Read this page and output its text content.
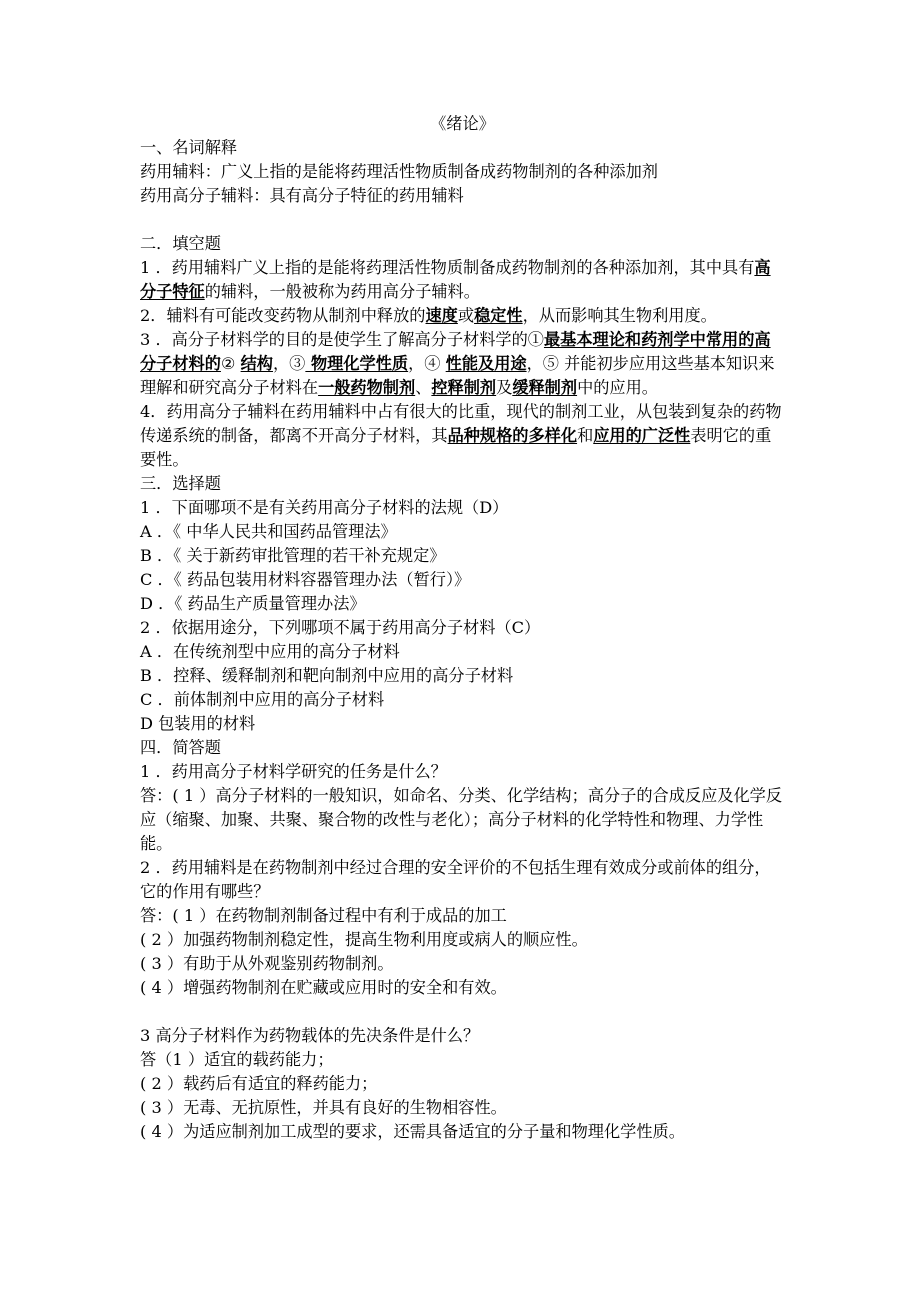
《绪论》

一、名词解释

药用辅料：广义上指的是能将药理活性物质制备成药物制剂的各种添加剂

药用高分子辅料：具有高分子特征的药用辅料

二．填空题

1 ．药用辅料广义上指的是能将药理活性物质制备成药物制剂的各种添加剂，其中具有高分子特征的辅料，一般被称为药用高分子辅料。

2．辅料有可能改变药物从制剂中释放的速度或稳定性，从而影响其生物利用度。

3 ．高分子材料学的目的是使学生了解高分子材料学的①最基本理论和药剂学中常用的高分子材料的② 结构，③ 物理化学性质，④ 性能及用途，⑤ 并能初步应用这些基本知识来理解和研究高分子材料在一般药物制剂、控释制剂及缓释制剂中的应用。

4．药用高分子辅料在药用辅料中占有很大的比重，现代的制剂工业，从包装到复杂的药物传递系统的制备，都离不开高分子材料，其品种规格的多样化和应用的广泛性表明它的重要性。

三．选择题

1 ．下面哪项不是有关药用高分子材料的法规（D）

A ．《 中华人民共和国药品管理法》

B ．《 关于新药审批管理的若干补充规定》

C ．《 药品包装用材料容器管理办法（暂行）》

D ．《 药品生产质量管理办法》

2 ．依据用途分，下列哪项不属于药用高分子材料（C）

A ．在传统剂型中应用的高分子材料

B ．控释、缓释制剂和靶向制剂中应用的高分子材料

C ．前体制剂中应用的高分子材料

D 包装用的材料

四．简答题

1 ．药用高分子材料学研究的任务是什么？

答：( 1 ）高分子材料的一般知识，如命名、分类、化学结构；高分子的合成反应及化学反应（缩聚、加聚、共聚、聚合物的改性与老化）；高分子材料的化学特性和物理、力学性能。

2 ．药用辅料是在药物制剂中经过合理的安全评价的不包括生理有效成分或前体的组分，它的作用有哪些？

答：( 1 ）在药物制剂制备过程中有利于成品的加工

( 2 ）加强药物制剂稳定性，提高生物利用度或病人的顺应性。

( 3 ）有助于从外观鉴别药物制剂。

( 4 ）增强药物制剂在贮藏或应用时的安全和有效。

3 高分子材料作为药物载体的先决条件是什么？

答（1 ）适宜的载药能力；

( 2 ）载药后有适宜的释药能力；

( 3 ）无毒、无抗原性，并具有良好的生物相容性。

( 4 ）为适应制剂加工成型的要求，还需具备适宜的分子量和物理化学性质。
